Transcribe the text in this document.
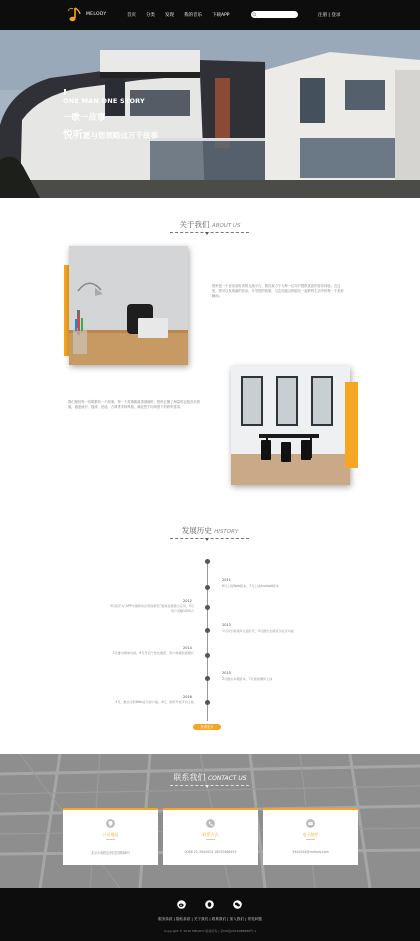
MELODY	首页 分类 发现 我的音乐 下载APP	注册 | 登录
ONE MAN ONE STORY
一歌一故事
悦听愿与您领略这万千故事
关于我们 ABOUT US
悦听是一个音乐爱好者的交流平台，我们致力于为每一位用户提供优质的音乐体验。在这里，您可以发现新的音乐，分享您的故事，与志同道合的朋友一起聆听生活中的每一个美好瞬间。
我们相信每一首歌都有一个故事，每一个故事都值得被倾听。悦听汇聚了海量的正版音乐资源，涵盖流行、摇滚、民谣、古典等多种风格，满足您不同场景下的聆听需求。
发展历史 HISTORY
2011
8月上线Web版本，7月上线Android版本
2012
3月获评为“APP中国移动应用创新奖”最具发展潜力应用，5月用户突破1000万
2013
1月音乐版权库全面扩充，5月推出全新音乐社区功能
2014
2月推出歌单功能，6月开启个性化推荐，用户规模持续增长
2015
2月推出车载版本，7月智能硬件上线
2016
3月，推出全新Web音乐客户端，4月，悦听开放平台上线
查看更多
联系我们 CONTACT US
公司地址
北京市朝阳区科技园路88号
联系方式
0086-25-3944924 18032666455
电子邮件
3944924@melody.com
服务条款 | 隐私条款 | 关于我们 | 联系我们 | 加入我们 | 常见问题
Copyright © 2016 MELODY 版权所有 | 京ICP备2016088888号-1
